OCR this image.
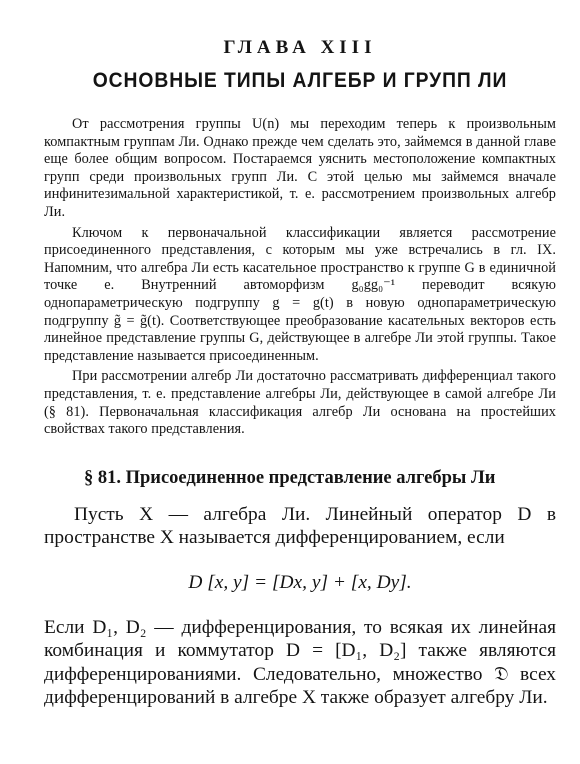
ГЛАВА XIII
ОСНОВНЫЕ ТИПЫ АЛГЕБР И ГРУПП ЛИ

От рассмотрения группы U(n) мы переходим теперь к произвольным компактным группам Ли. Однако прежде чем сделать это, займемся в данной главе еще более общим вопросом. Постараемся уяснить местоположение компактных групп среди произвольных групп Ли. С этой целью мы займемся вначале инфинитезимальной характеристикой, т. е. рассмотрением произвольных алгебр Ли.

Ключом к первоначальной классификации является рассмотрение присоединенного представления, с которым мы уже встречались в гл. IX. Напомним, что алгебра Ли есть касательное пространство к группе G в единичной точке e. Внутренний автоморфизм g₀gg₀⁻¹ переводит всякую однопараметрическую подгруппу g = g(t) в новую однопараметрическую подгруппу g̃ = g̃(t). Соответствующее преобразование касательных векторов есть линейное представление группы G, действующее в алгебре Ли этой группы. Такое представление называется присоединенным.

При рассмотрении алгебр Ли достаточно рассматривать дифференциал такого представления, т. е. представление алгебры Ли, действующее в самой алгебре Ли (§ 81). Первоначальная классификация алгебр Ли основана на простейших свойствах такого представления.

§ 81. Присоединенное представление алгебры Ли

Пусть X — алгебра Ли. Линейный оператор D в пространстве X называется дифференцированием, если

D [x, y] = [Dx, y] + [x, Dy].

Если D₁, D₂ — дифференцирования, то всякая их линейная комбинация и коммутатор D = [D₁, D₂] также являются дифференцированиями. Следовательно, множество 𝔇 всех дифференцирований в алгебре X также образует алгебру Ли.
